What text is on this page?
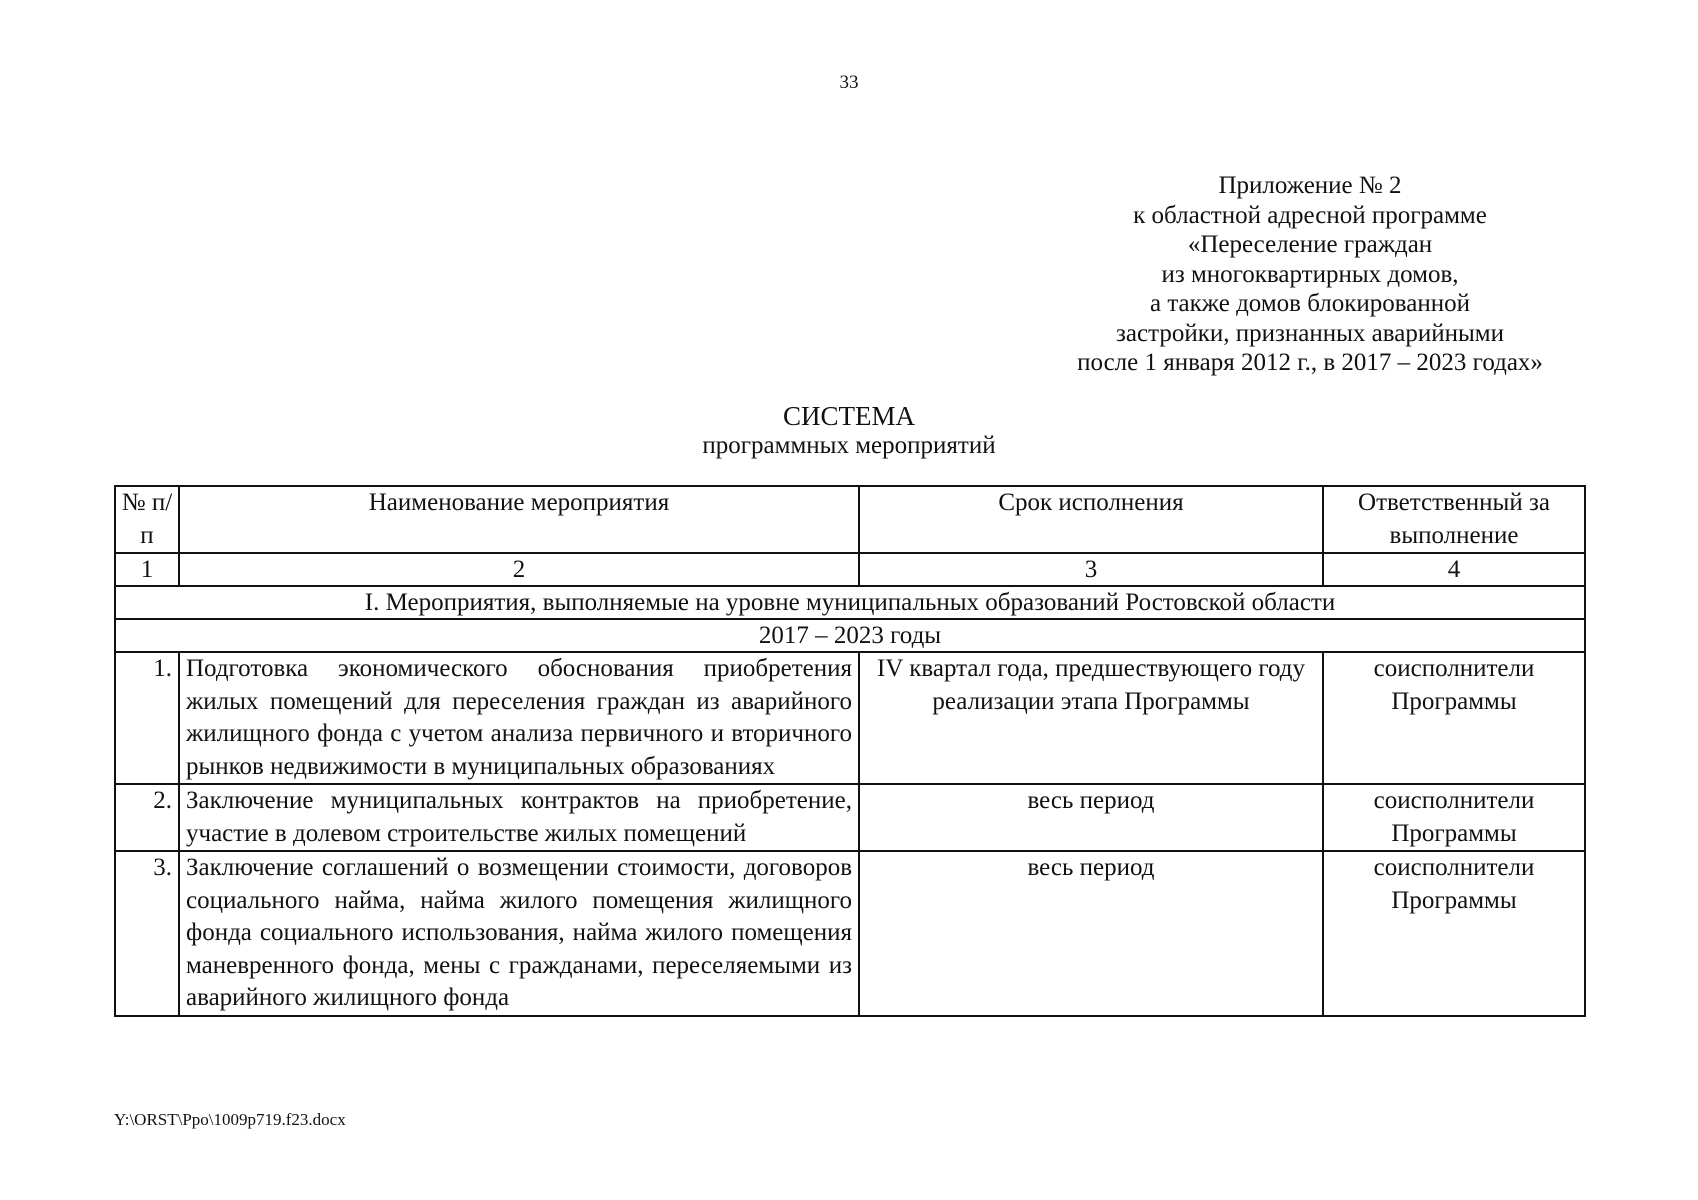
33
Приложение № 2
к областной адресной программе
«Переселение граждан
из многоквартирных домов,
а также домов блокированной
застройки, признанных аварийными
после 1 января 2012 г., в 2017 – 2023 годах»
СИСТЕМА
программных мероприятий
№ п/п	Наименование мероприятия	Срок исполнения	Ответственный за выполнение
1	2	3	4
I. Мероприятия, выполняемые на уровне муниципальных образований Ростовской области			
2017 – 2023 годы			
1.	Подготовка экономического обоснования приобретения жилых помещений для переселения граждан из аварийного жилищного фонда с учетом анализа первичного и вторичного рынков недвижимости в муниципальных образованиях	IV квартал года, предшествующего году реализации этапа Программы	соисполнители Программы
2.	Заключение муниципальных контрактов на приобретение, участие в долевом строительстве жилых помещений	весь период	соисполнители Программы
3.	Заключение соглашений о возмещении стоимости, договоров социального найма, найма жилого помещения жилищного фонда социального использования, найма жилого помещения маневренного фонда, мены с гражданами, переселяемыми из аварийного жилищного фонда	весь период	соисполнители Программы
Y:\ORST\Ppo\1009p719.f23.docx
